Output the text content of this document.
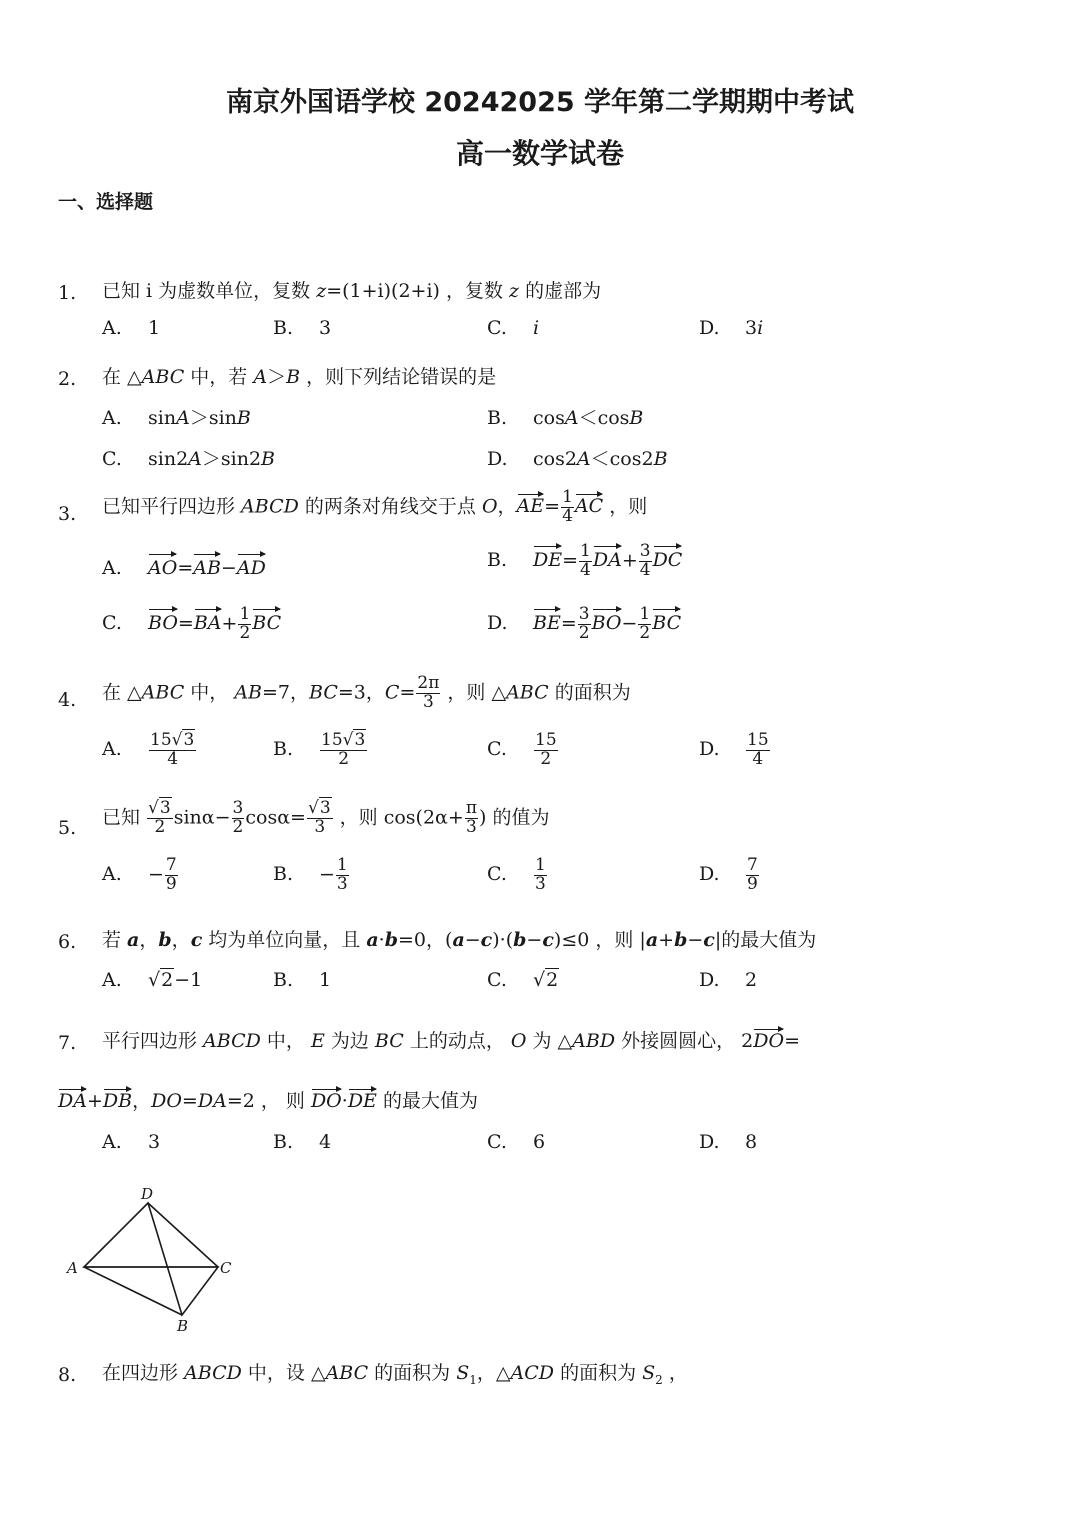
南京外国语学校 20242025 学年第二学期期中考试
高一数学试卷
一、选择题
1. 已知 i 为虚数单位，复数 z=(1+i)(2+i) ，复数 z 的虚部为
A. 1	B. 3	C. i	D. 3i
2. 在 △ABC 中，若 A＞B ，则下列结论错误的是
A. sinA＞sinB	B. cosA＜cosB
C. sin2A＞sin2B	D. cos2A＜cos2B
3. 已知平行四边形 ABCD 的两条对角线交于点 O，$AE= \frac{1}{4}$ AC ，则
A. AO=AB−AD	B. $DE= \frac{1}{4} DA+ \frac{3}{4}$ DC
C. $BO=BA+ \frac{1}{2}$ BC	D. $BE= \frac{3}{2} BO- \frac{1}{2}$ BC
4. 在 △ABC 中， AB=7，BC=3，$C= \frac{2\pi}{3}$ ，则 △ABC 的面积为
A. $\frac{15√3}{4}$	B. $\frac{15√3}{2}$	C. $\frac{15}{2}$	D. $\frac{15}{4}$
5. 已知 $\frac{√3}{2} \sin\alpha- \frac{3}{2} \cos\alpha= \frac{√3}{3}$ ，则 $\cos(2\alpha+ \frac{\pi}{3}$ ) 的值为
A. − $\frac{7}{9}$	B. − $\frac{1}{3}$	C. $\frac{1}{3}$	D. $\frac{7}{9}$
6. 若 a，b，c 均为单位向量，且 a·b=0，(a−c)·(b−c)≤0 ，则 |a+b−c|的最大值为
A. √2−1	B. 1	C. √2	D. 2
7. 平行四边形 ABCD 中， E 为边 BC 上的动点， O 为 △ABD 外接圆圆心， 2DO=
DA+DB，DO=DA=2 ， 则 DO·DE 的最大值为
A. 3	B. 4	C. 6	D. 8
D
A	C
B
8. 在四边形 ABCD 中，设 △ABC 的面积为 $S_1$，△ACD 的面积为 $S_2$ ，
